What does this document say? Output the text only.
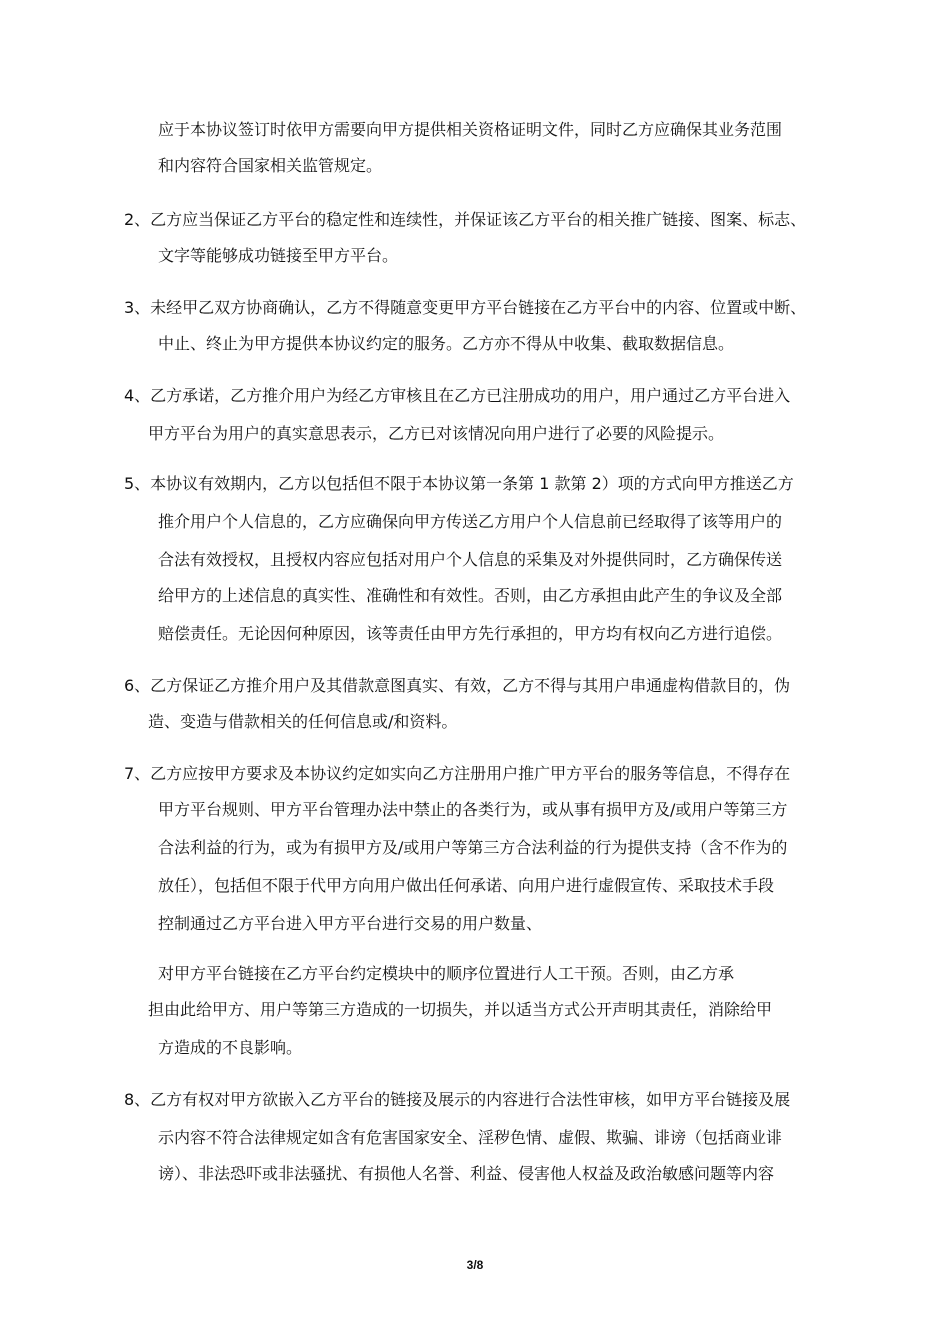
应于本协议签订时依甲方需要向甲方提供相关资格证明文件，同时乙方应确保其业务范围
和内容符合国家相关监管规定。
2、乙方应当保证乙方平台的稳定性和连续性，并保证该乙方平台的相关推广链接、图案、标志、
文字等能够成功链接至甲方平台。
3、未经甲乙双方协商确认，乙方不得随意变更甲方平台链接在乙方平台中的内容、位置或中断、
中止、终止为甲方提供本协议约定的服务。乙方亦不得从中收集、截取数据信息。
4、乙方承诺，乙方推介用户为经乙方审核且在乙方已注册成功的用户，用户通过乙方平台进入
甲方平台为用户的真实意思表示，乙方已对该情况向用户进行了必要的风险提示。
5、本协议有效期内，乙方以包括但不限于本协议第一条第 1 款第 2）项的方式向甲方推送乙方
推介用户个人信息的，乙方应确保向甲方传送乙方用户个人信息前已经取得了该等用户的
合法有效授权，且授权内容应包括对用户个人信息的采集及对外提供同时，乙方确保传送
给甲方的上述信息的真实性、准确性和有效性。否则，由乙方承担由此产生的争议及全部
赔偿责任。无论因何种原因，该等责任由甲方先行承担的，甲方均有权向乙方进行追偿。
6、乙方保证乙方推介用户及其借款意图真实、有效，乙方不得与其用户串通虚构借款目的，伪
造、变造与借款相关的任何信息或/和资料。
7、乙方应按甲方要求及本协议约定如实向乙方注册用户推广甲方平台的服务等信息，不得存在
甲方平台规则、甲方平台管理办法中禁止的各类行为，或从事有损甲方及/或用户等第三方
合法利益的行为，或为有损甲方及/或用户等第三方合法利益的行为提供支持（含不作为的
放任），包括但不限于代甲方向用户做出任何承诺、向用户进行虚假宣传、采取技术手段
控制通过乙方平台进入甲方平台进行交易的用户数量、
对甲方平台链接在乙方平台约定模块中的顺序位置进行人工干预。否则，由乙方承
担由此给甲方、用户等第三方造成的一切损失，并以适当方式公开声明其责任，消除给甲
方造成的不良影响。
8、乙方有权对甲方欲嵌入乙方平台的链接及展示的内容进行合法性审核，如甲方平台链接及展
示内容不符合法律规定如含有危害国家安全、淫秽色情、虚假、欺骗、诽谤（包括商业诽
谤）、非法恐吓或非法骚扰、有损他人名誉、利益、侵害他人权益及政治敏感问题等内容
3/8
